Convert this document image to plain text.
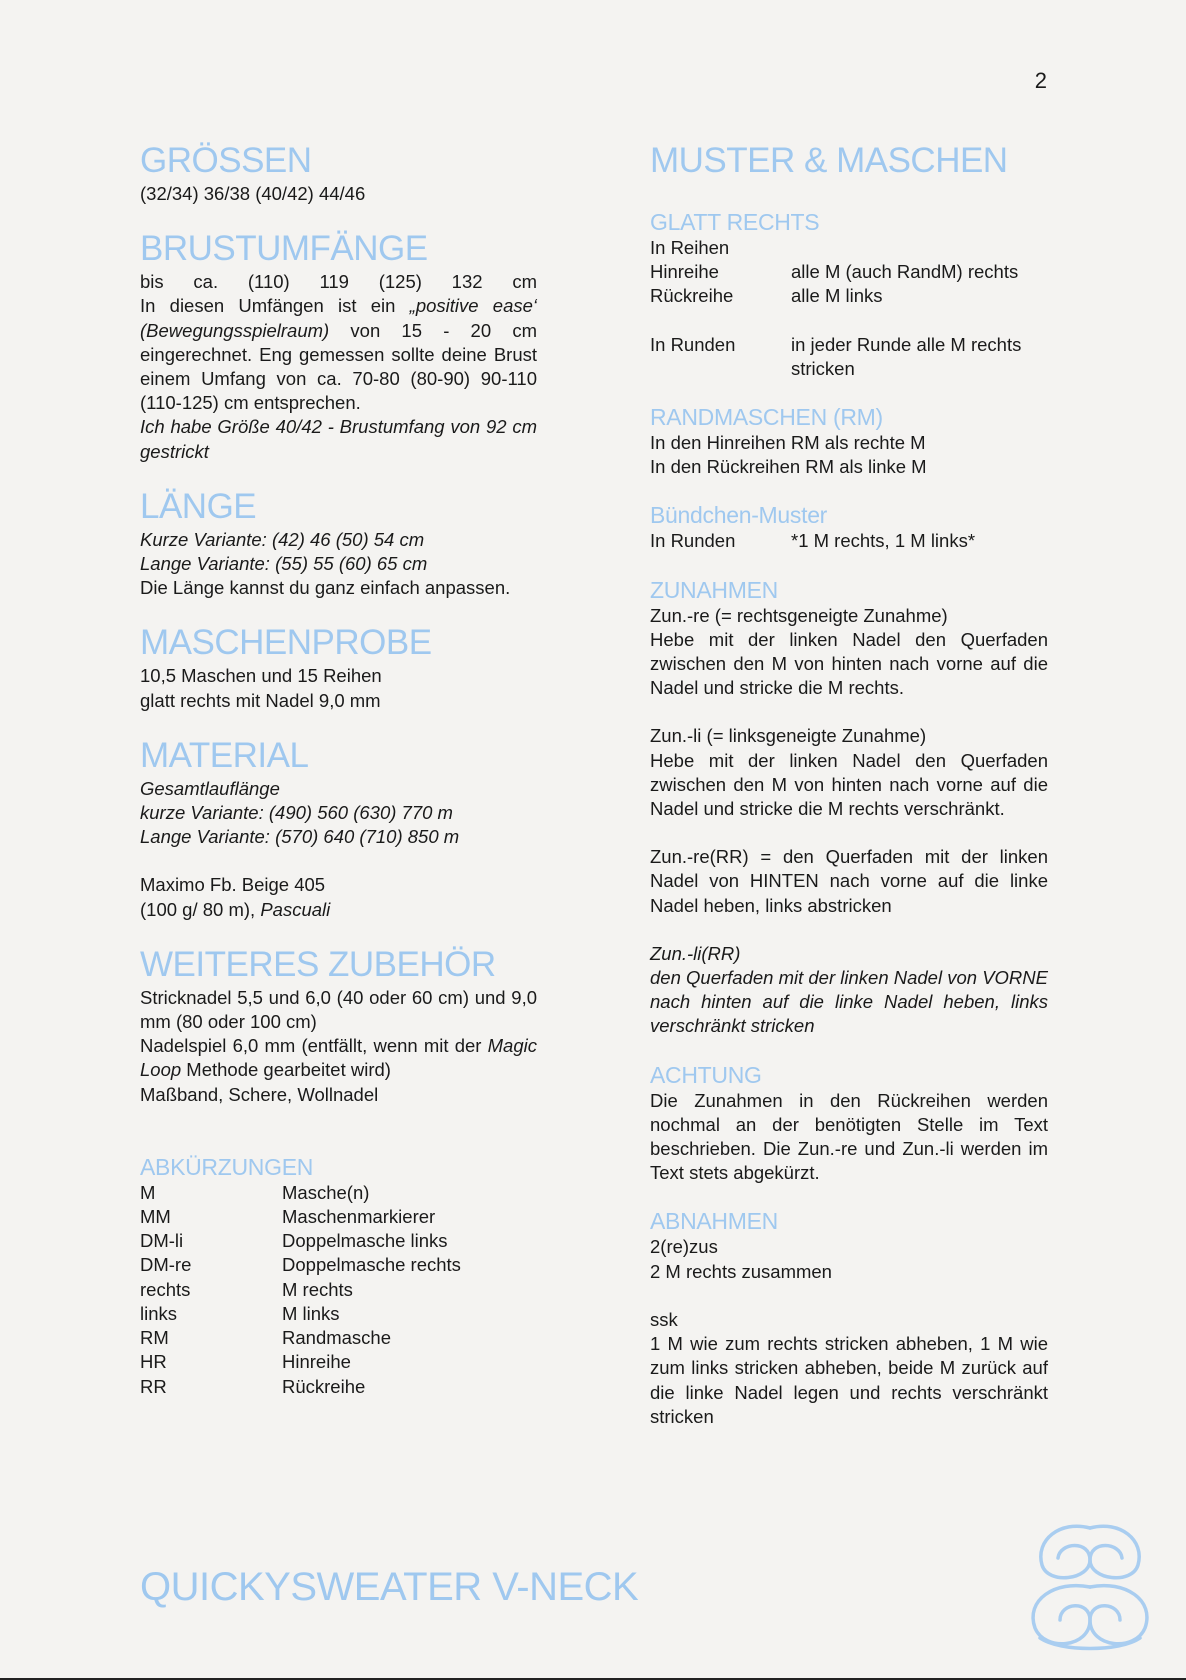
2
GRÖSSEN
(32/34) 36/38 (40/42) 44/46
BRUSTUMFÄNGE

bis ca. (110) 119 (125) 132 cm

In diesen Umfängen ist ein „positive ease‘ (Bewegungsspielraum) von 15 - 20 cm eingerechnet. Eng gemessen sollte deine Brust einem Umfang von ca. 70-80 (80-90) 90-110 (110-125) cm entsprechen.

Ich habe Größe 40/42 - Brustumfang von 92 cm gestrickt

LÄNGE

Kurze Variante: (42) 46 (50) 54 cm

Lange Variante: (55) 55 (60) 65 cm

Die Länge kannst du ganz einfach anpassen.

MASCHENPROBE

10,5 Maschen und 15 Reihen

glatt rechts mit Nadel 9,0 mm

MATERIAL

Gesamtlauflänge

kurze Variante: (490) 560 (630) 770 m

Lange Variante: (570) 640 (710) 850 m

Maximo Fb. Beige 405

(100 g/ 80 m), Pascuali

WEITERES ZUBEHÖR

Stricknadel 5,5 und 6,0 (40 oder 60 cm) und 9,0 mm (80 oder 100 cm)

Nadelspiel 6,0 mm (entfällt, wenn mit der Magic Loop Methode gearbeitet wird)

Maßband, Schere, Wollnadel

ABKÜRZUNGEN
M	Masche(n)
MM	Maschenmarkierer
DM-li	Doppelmasche links
DM-re	Doppelmasche rechts
rechts	M rechts
links	M links
RM	Randmasche
HR	Hinreihe
RR	Rückreihe
MUSTER & MASCHEN
GLATT RECHTS

In Reihen

Hinreihe	alle M (auch RandM) rechts
Rückreihe	alle M links
In Runden	in jeder Runde alle M rechts stricken
RANDMASCHEN (RM)

In den Hinreihen RM als rechte M

In den Rückreihen RM als linke M

Bündchen-Muster
In Runden	*1 M rechts, 1 M links*
ZUNAHMEN

Zun.-re (= rechtsgeneigte Zunahme)

Hebe mit der linken Nadel den Querfaden zwischen den M von hinten nach vorne auf die Nadel und stricke die M rechts.

Zun.-li (= linksgeneigte Zunahme)

Hebe mit der linken Nadel den Querfaden zwischen den M von hinten nach vorne auf die Nadel und stricke die M rechts verschränkt.

Zun.-re(RR) = den Querfaden mit der linken Nadel von HINTEN nach vorne auf die linke Nadel heben, links abstricken

Zun.-li(RR)

den Querfaden mit der linken Nadel von VORNE nach hinten auf die linke Nadel heben, links verschränkt stricken

ACHTUNG
Die Zunahmen in den Rückreihen werden nochmal an der benötigten Stelle im Text beschrieben. Die Zun.-re und Zun.-li werden im Text stets abgekürzt.
ABNAHMEN

2(re)zus

2 M rechts zusammen

ssk

1 M wie zum rechts stricken abheben, 1 M wie zum links stricken abheben, beide M zurück auf die linke Nadel legen und rechts verschränkt stricken

QUICKYSWEATER V-NECK
